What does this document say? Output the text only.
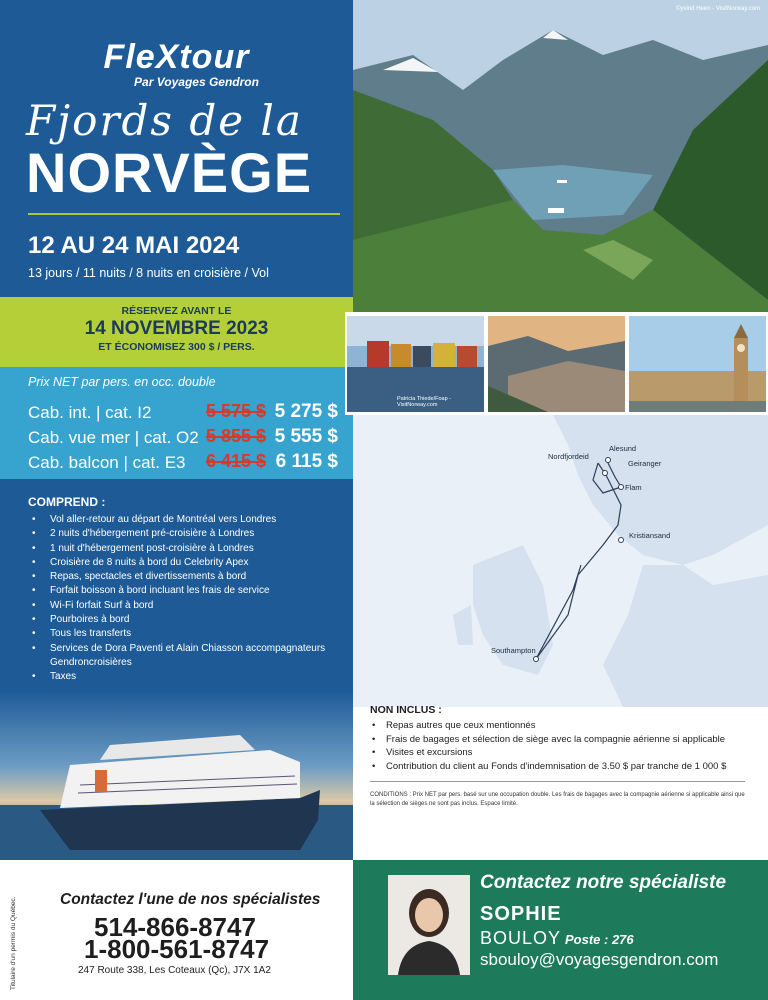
FleXtour
Par Voyages Gendron
Fjords de la
NORVÈGE
12 AU 24 MAI 2024
13 jours / 11 nuits / 8 nuits en croisière / Vol
RÉSERVEZ AVANT LE
14 NOVEMBRE 2023
ET ÉCONOMISEZ 300 $ / PERS.
Prix NET par pers. en occ. double
Cab. int. | cat. I2	5 575 $ 5 275 $
Cab. vue mer | cat. O2 5 855 $ 5 555 $
Cab. balcon | cat. E3 6 415 $ 6 115 $
COMPREND :
• Vol aller-retour au départ de Montréal vers Londres
• 2 nuits d'hébergement pré-croisière à Londres
• 1 nuit d'hébergement post-croisière à Londres
• Croisière de 8 nuits à bord du Celebrity Apex
• Repas, spectacles et divertissements à bord
• Forfait boisson à bord incluant les frais de service
• Wi-Fi forfait Surf à bord
• Pourboires à bord
• Tous les transferts
• Services de Dora Paventi et Alain Chiasson accompagnateurs Gendroncroisières
• Taxes
©yvind Heen - VisitNorway.com
Patricia Thiede/Foap - VisitNorway.com
Alesund
Nordfjordeid
Geiranger
Flam
Kristiansand
Southampton
NON INCLUS :
• Repas autres que ceux mentionnés
• Frais de bagages et sélection de siège avec la compagnie aérienne si applicable
• Visites et excursions
• Contribution du client au Fonds d'indemnisation de 3.50 $ par tranche de 1 000 $
CONDITIONS : Prix NET par pers. basé sur une occupation double. Les frais de bagages avec la compagnie aérienne si applicable ainsi que la sélection de sièges ne sont pas inclus. Espace limité.
Titulaire d'un permis du Québec.	Contactez l'une de nos spécialistes
514-866-8747
1-800-561-8747
247 Route 338, Les Coteaux (Qc), J7X 1A2
Contactez notre spécialiste
SOPHIE
BOULOY Poste : 276
sbouloy@voyagesgendron.com
